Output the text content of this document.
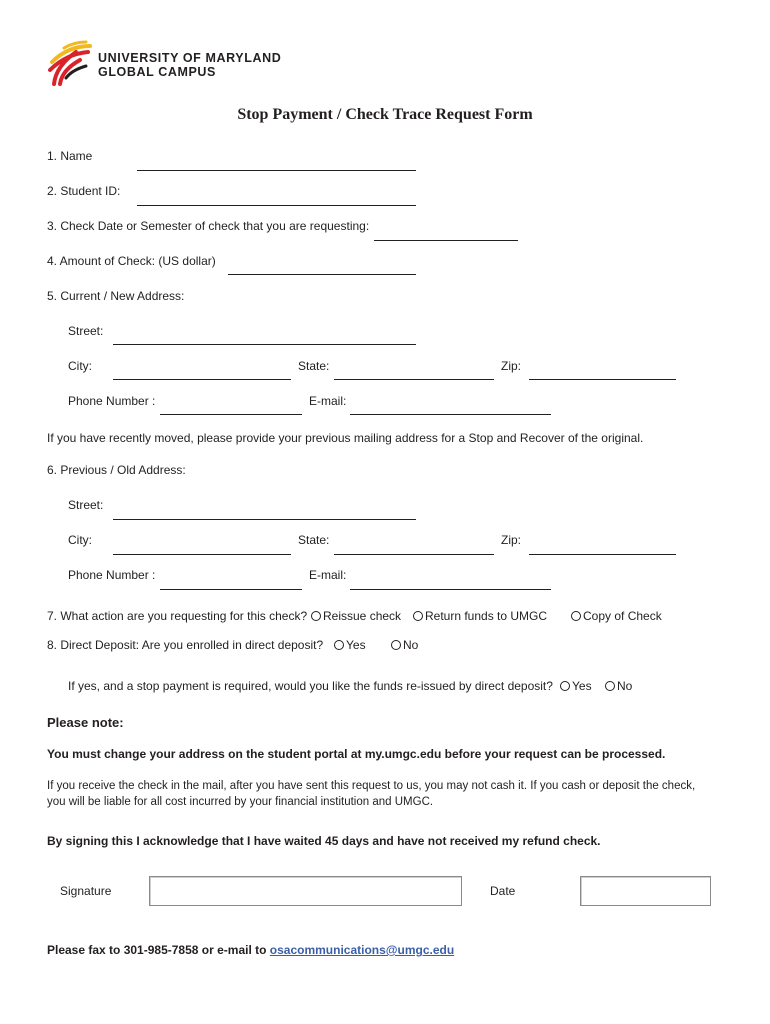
UNIVERSITY OF MARYLAND
GLOBAL CAMPUS
Stop Payment / Check Trace Request Form
1. Name
2. Student ID:
3. Check Date or Semester of check that you are requesting:
4. Amount of Check: (US dollar)
5. Current / New Address:
Street:
City:	State:	Zip:
Phone Number :	E-mail:
If you have recently moved, please provide your previous mailing address for a Stop and Recover of the original.
6. Previous / Old Address:
Street:
City:	State:	Zip:
Phone Number :	E-mail:
7. What action are you requesting for this check?	Reissue check	Return funds to UMGC	Copy of Check
8. Direct Deposit: Are you enrolled in direct deposit?	Yes	No
If yes, and a stop payment is required, would you like the funds re-issued by direct deposit?	Yes	No
Please note:
You must change your address on the student portal at my.umgc.edu before your request can be processed.
If you receive the check in the mail, after you have sent this request to us, you may not cash it. If you cash or deposit the check,
you will be liable for all cost incurred by your financial institution and UMGC.
By signing this I acknowledge that I have waited 45 days and have not received my refund check.
Signature	Date
Please fax to 301-985-7858 or e-mail to osacommunications@umgc.edu
